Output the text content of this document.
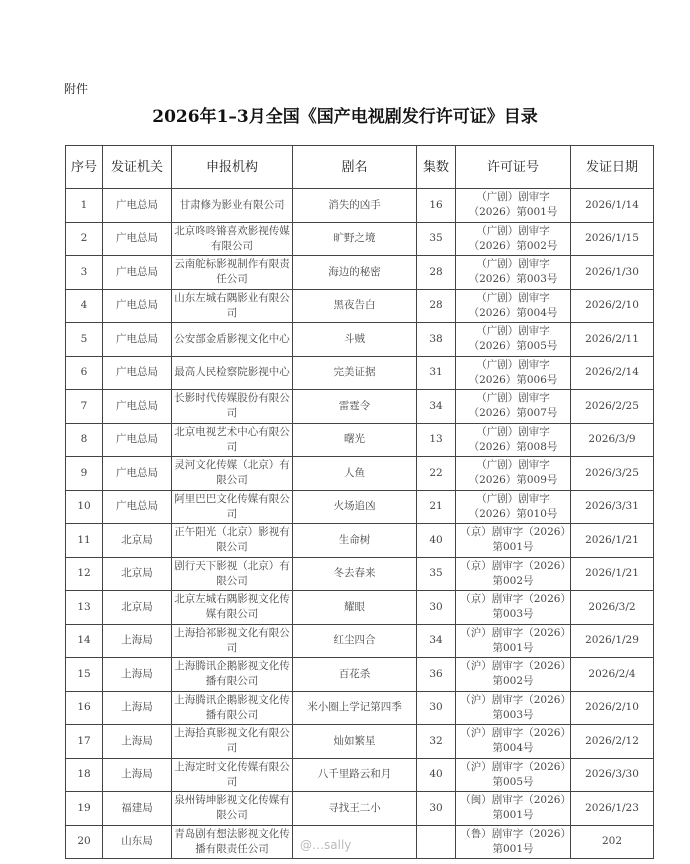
附件
2026年1–3月全国《国产电视剧发行许可证》目录
序号	发证机关	申报机构	剧名	集数	许可证号	发证日期
1	广电总局	甘肃修为影业有限公司	消失的凶手	16	（广剧）剧审字（2026）第001号	2026/1/14
2	广电总局	北京咚咚锵喜欢影视传媒有限公司	旷野之境	35	（广剧）剧审字（2026）第002号	2026/1/15
3	广电总局	云南舵标影视制作有限责任公司	海边的秘密	28	（广剧）剧审字（2026）第003号	2026/1/30
4	广电总局	山东左城右隅影业有限公司	黑夜告白	28	（广剧）剧审字（2026）第004号	2026/2/10
5	广电总局	公安部金盾影视文化中心	斗贼	38	（广剧）剧审字（2026）第005号	2026/2/11
6	广电总局	最高人民检察院影视中心	完美证据	31	（广剧）剧审字（2026）第006号	2026/2/14
7	广电总局	长影时代传媒股份有限公司	雷霆令	34	（广剧）剧审字（2026）第007号	2026/2/25
8	广电总局	北京电视艺术中心有限公司	曙光	13	（广剧）剧审字（2026）第008号	2026/3/9
9	广电总局	灵河文化传媒（北京）有限公司	人鱼	22	（广剧）剧审字（2026）第009号	2026/3/25
10	广电总局	阿里巴巴文化传媒有限公司	火场追凶	21	（广剧）剧审字（2026）第010号	2026/3/31
11	北京局	正午阳光（北京）影视有限公司	生命树	40	（京）剧审字（2026）第001号	2026/1/21
12	北京局	剧行天下影视（北京）有限公司	冬去春来	35	（京）剧审字（2026）第002号	2026/1/21
13	北京局	北京左城右隅影视文化传媒有限公司	耀眼	30	（京）剧审字（2026）第003号	2026/3/2
14	上海局	上海拾祁影视文化有限公司	红尘四合	34	（沪）剧审字（2026）第001号	2026/1/29
15	上海局	上海腾讯企鹅影视文化传播有限公司	百花杀	36	（沪）剧审字（2026）第002号	2026/2/4
16	上海局	上海腾讯企鹅影视文化传播有限公司	米小圈上学记第四季	30	（沪）剧审字（2026）第003号	2026/2/10
17	上海局	上海拾真影视文化有限公司	灿如繁星	32	（沪）剧审字（2026）第004号	2026/2/12
18	上海局	上海定时文化传媒有限公司	八千里路云和月	40	（沪）剧审字（2026）第005号	2026/3/30
19	福建局	泉州铸坤影视文化传媒有限公司	寻找王二小	30	（闽）剧审字（2026）第001号	2026/1/23
20	山东局	青岛剧有想法影视文化传播有限责任公司			（鲁）剧审字（2026）第001号	202
@…sally
